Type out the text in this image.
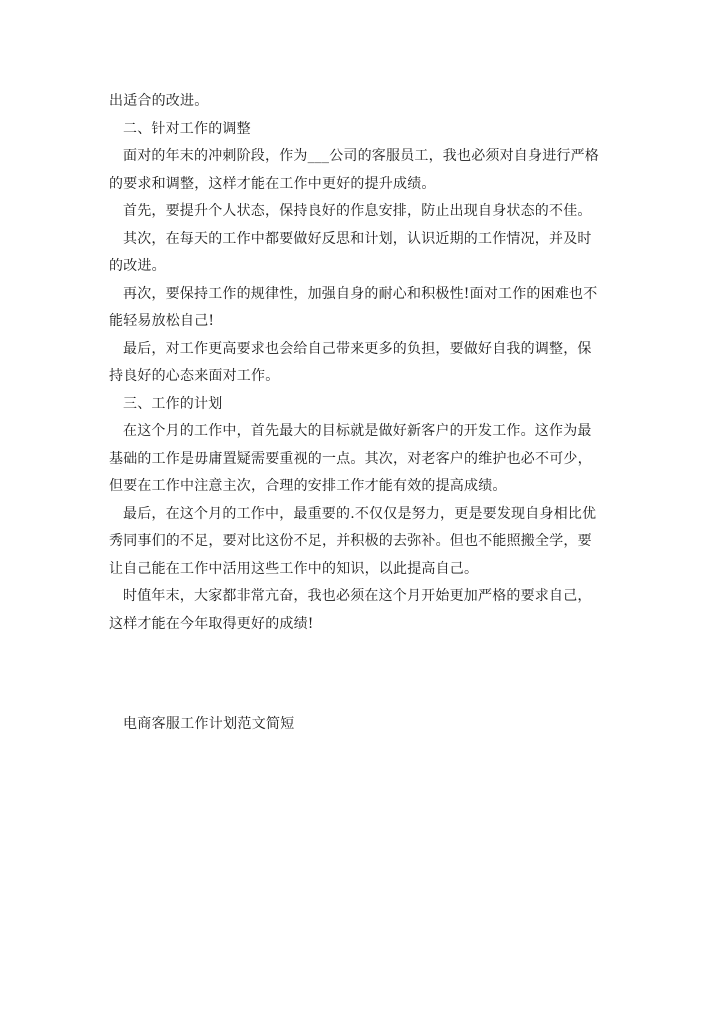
出适合的改进。
二、针对工作的调整
面对的年末的冲刺阶段，作为___公司的客服员工，我也必须对自身进行严格
的要求和调整，这样才能在工作中更好的提升成绩。
首先，要提升个人状态，保持良好的作息安排，防止出现自身状态的不佳。
其次，在每天的工作中都要做好反思和计划，认识近期的工作情况，并及时
的改进。
再次，要保持工作的规律性，加强自身的耐心和积极性!面对工作的困难也不
能轻易放松自己!
最后，对工作更高要求也会给自己带来更多的负担，要做好自我的调整，保
持良好的心态来面对工作。
三、工作的计划
在这个月的工作中，首先最大的目标就是做好新客户的开发工作。这作为最
基础的工作是毋庸置疑需要重视的一点。其次，对老客户的维护也必不可少，
但要在工作中注意主次，合理的安排工作才能有效的提高成绩。
最后，在这个月的工作中，最重要的.不仅仅是努力，更是要发现自身相比优
秀同事们的不足，要对比这份不足，并积极的去弥补。但也不能照搬全学，要
让自己能在工作中活用这些工作中的知识，以此提高自己。
时值年末，大家都非常亢奋，我也必须在这个月开始更加严格的要求自己，
这样才能在今年取得更好的成绩!
电商客服工作计划范文简短
